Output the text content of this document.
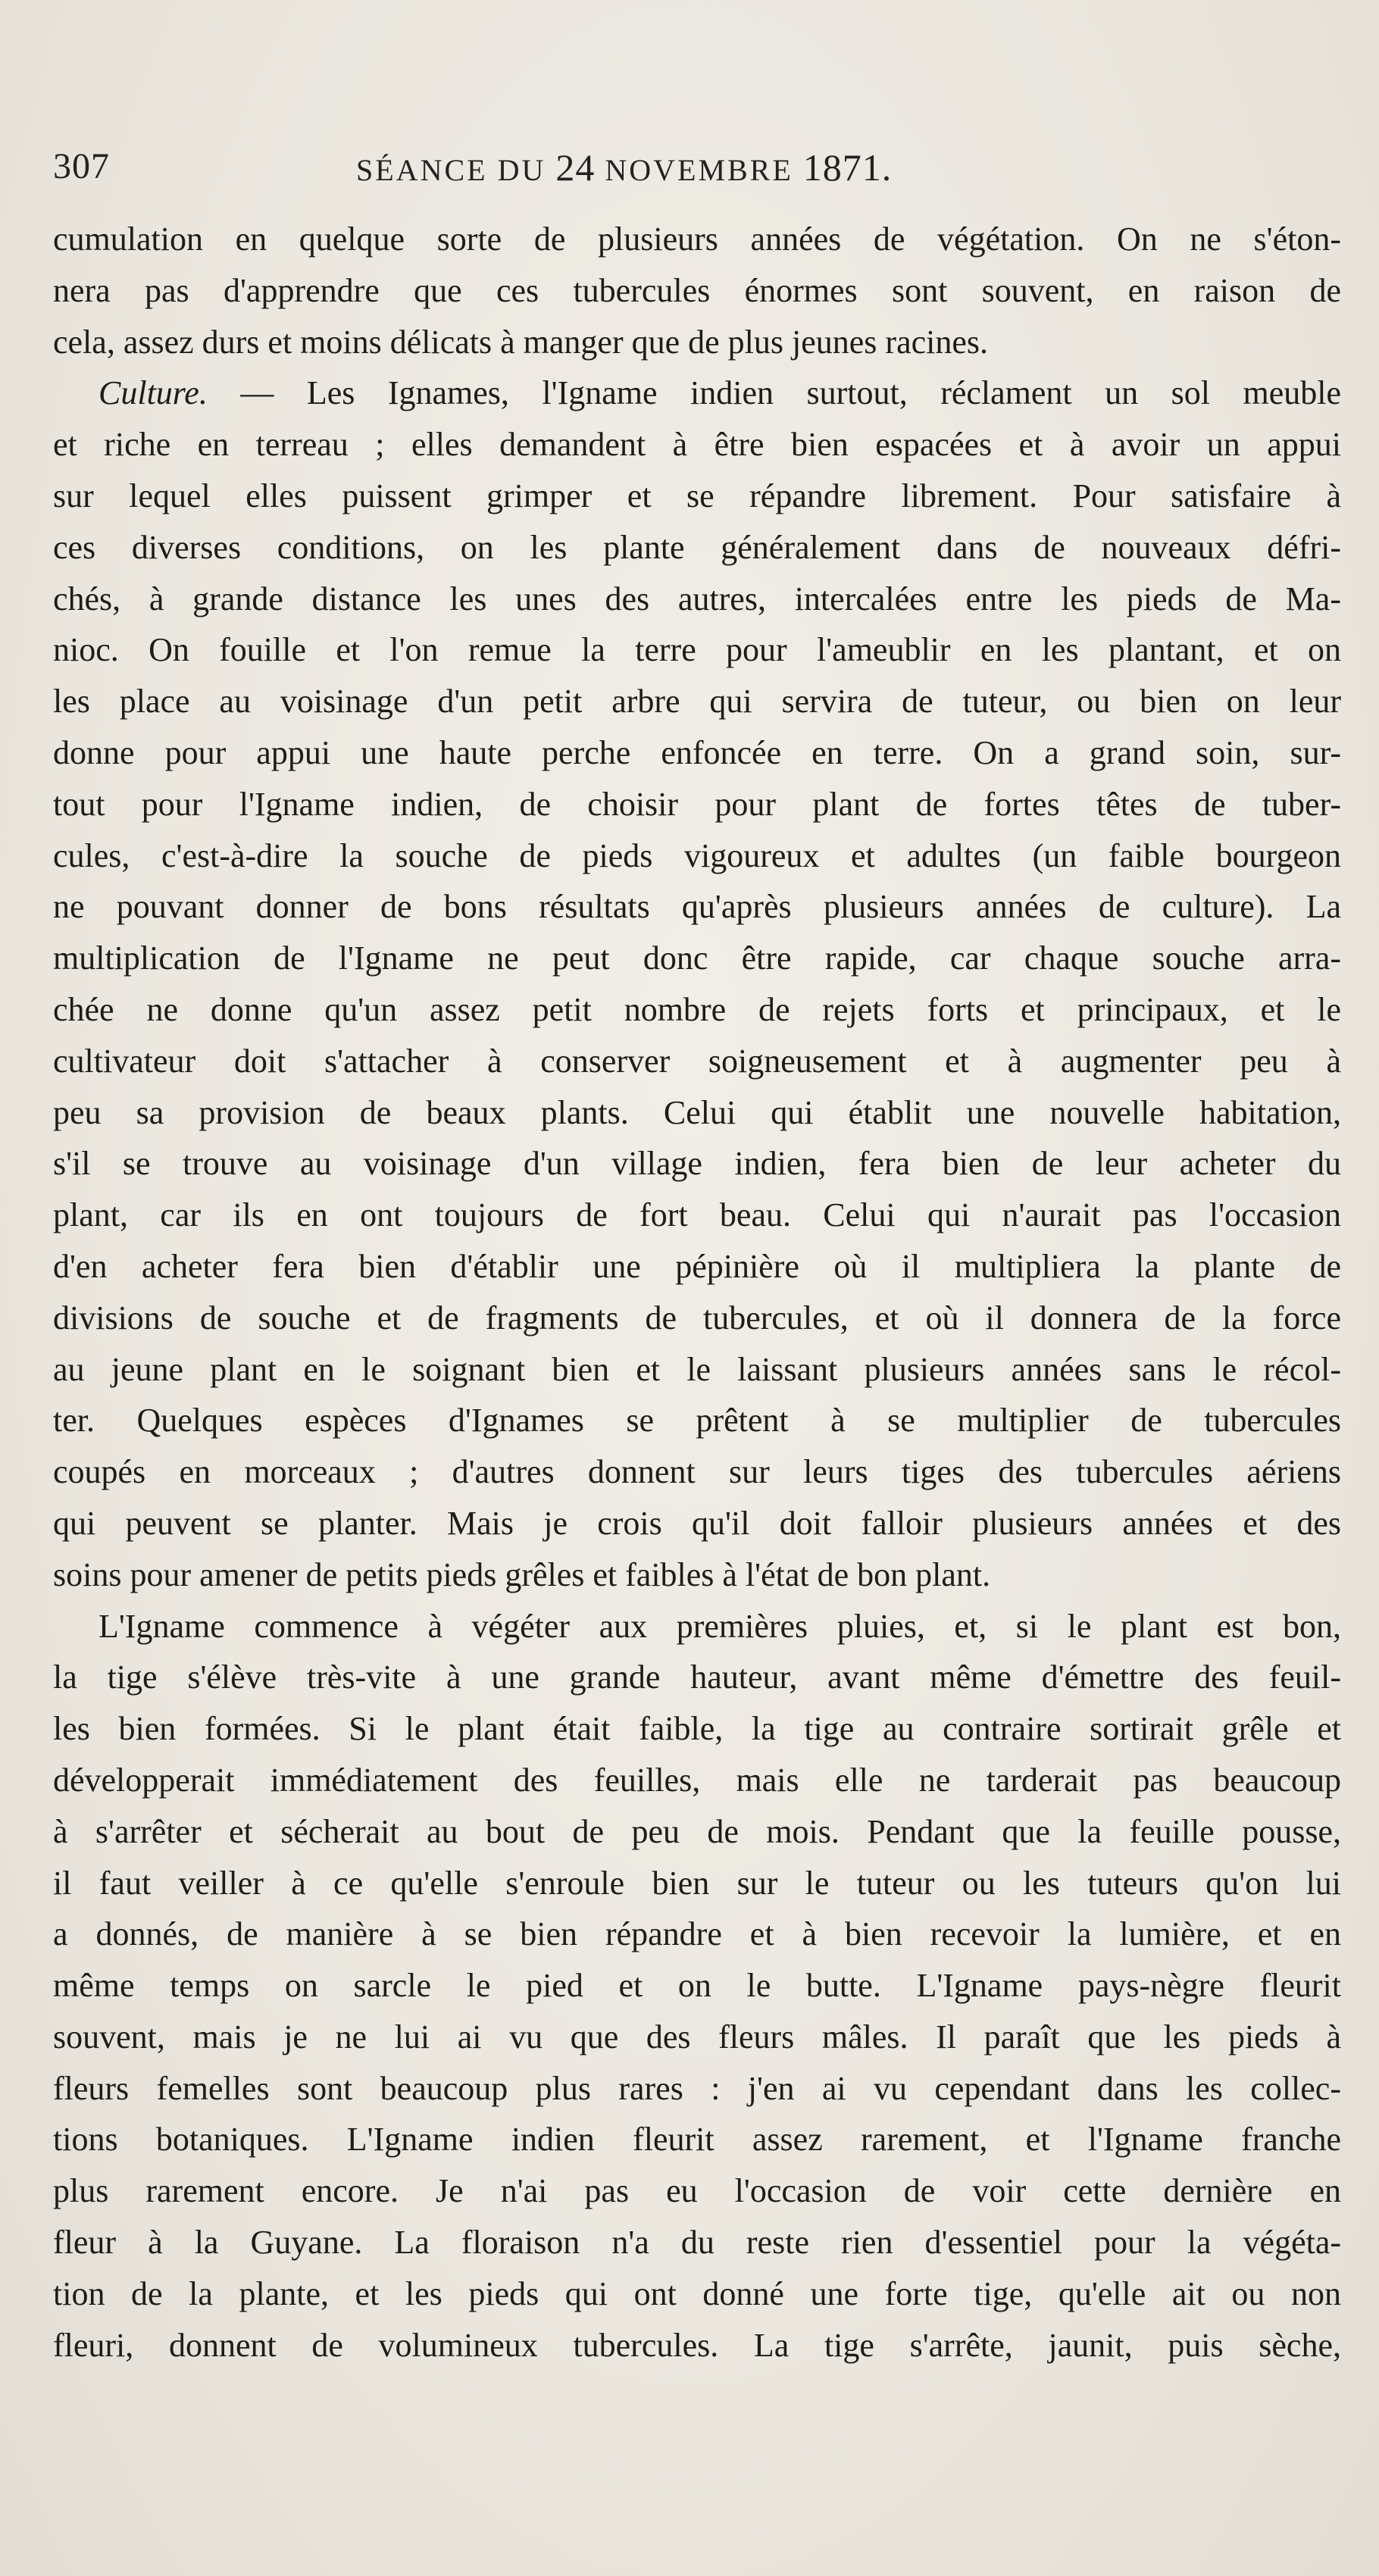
307	SÉANCE DU 24 NOVEMBRE 1871.
cumulation en quelque sorte de plusieurs années de végétation. On ne s'éton-
nera pas d'apprendre que ces tubercules énormes sont souvent, en raison de
cela, assez durs et moins délicats à manger que de plus jeunes racines.
Culture. — Les Ignames, l'Igname indien surtout, réclament un sol meuble
et riche en terreau ; elles demandent à être bien espacées et à avoir un appui
sur lequel elles puissent grimper et se répandre librement. Pour satisfaire à
ces diverses conditions, on les plante généralement dans de nouveaux défri-
chés, à grande distance les unes des autres, intercalées entre les pieds de Ma-
nioc. On fouille et l'on remue la terre pour l'ameublir en les plantant, et on
les place au voisinage d'un petit arbre qui servira de tuteur, ou bien on leur
donne pour appui une haute perche enfoncée en terre. On a grand soin, sur-
tout pour l'Igname indien, de choisir pour plant de fortes têtes de tuber-
cules, c'est-à-dire la souche de pieds vigoureux et adultes (un faible bourgeon
ne pouvant donner de bons résultats qu'après plusieurs années de culture). La
multiplication de l'Igname ne peut donc être rapide, car chaque souche arra-
chée ne donne qu'un assez petit nombre de rejets forts et principaux, et le
cultivateur doit s'attacher à conserver soigneusement et à augmenter peu à
peu sa provision de beaux plants. Celui qui établit une nouvelle habitation,
s'il se trouve au voisinage d'un village indien, fera bien de leur acheter du
plant, car ils en ont toujours de fort beau. Celui qui n'aurait pas l'occasion
d'en acheter fera bien d'établir une pépinière où il multipliera la plante de
divisions de souche et de fragments de tubercules, et où il donnera de la force
au jeune plant en le soignant bien et le laissant plusieurs années sans le récol-
ter. Quelques espèces d'Ignames se prêtent à se multiplier de tubercules
coupés en morceaux ; d'autres donnent sur leurs tiges des tubercules aériens
qui peuvent se planter. Mais je crois qu'il doit falloir plusieurs années et des
soins pour amener de petits pieds grêles et faibles à l'état de bon plant.
L'Igname commence à végéter aux premières pluies, et, si le plant est bon,
la tige s'élève très-vite à une grande hauteur, avant même d'émettre des feuil-
les bien formées. Si le plant était faible, la tige au contraire sortirait grêle et
développerait immédiatement des feuilles, mais elle ne tarderait pas beaucoup
à s'arrêter et sécherait au bout de peu de mois. Pendant que la feuille pousse,
il faut veiller à ce qu'elle s'enroule bien sur le tuteur ou les tuteurs qu'on lui
a donnés, de manière à se bien répandre et à bien recevoir la lumière, et en
même temps on sarcle le pied et on le butte. L'Igname pays-nègre fleurit
souvent, mais je ne lui ai vu que des fleurs mâles. Il paraît que les pieds à
fleurs femelles sont beaucoup plus rares : j'en ai vu cependant dans les collec-
tions botaniques. L'Igname indien fleurit assez rarement, et l'Igname franche
plus rarement encore. Je n'ai pas eu l'occasion de voir cette dernière en
fleur à la Guyane. La floraison n'a du reste rien d'essentiel pour la végéta-
tion de la plante, et les pieds qui ont donné une forte tige, qu'elle ait ou non
fleuri, donnent de volumineux tubercules. La tige s'arrête, jaunit, puis sèche,
